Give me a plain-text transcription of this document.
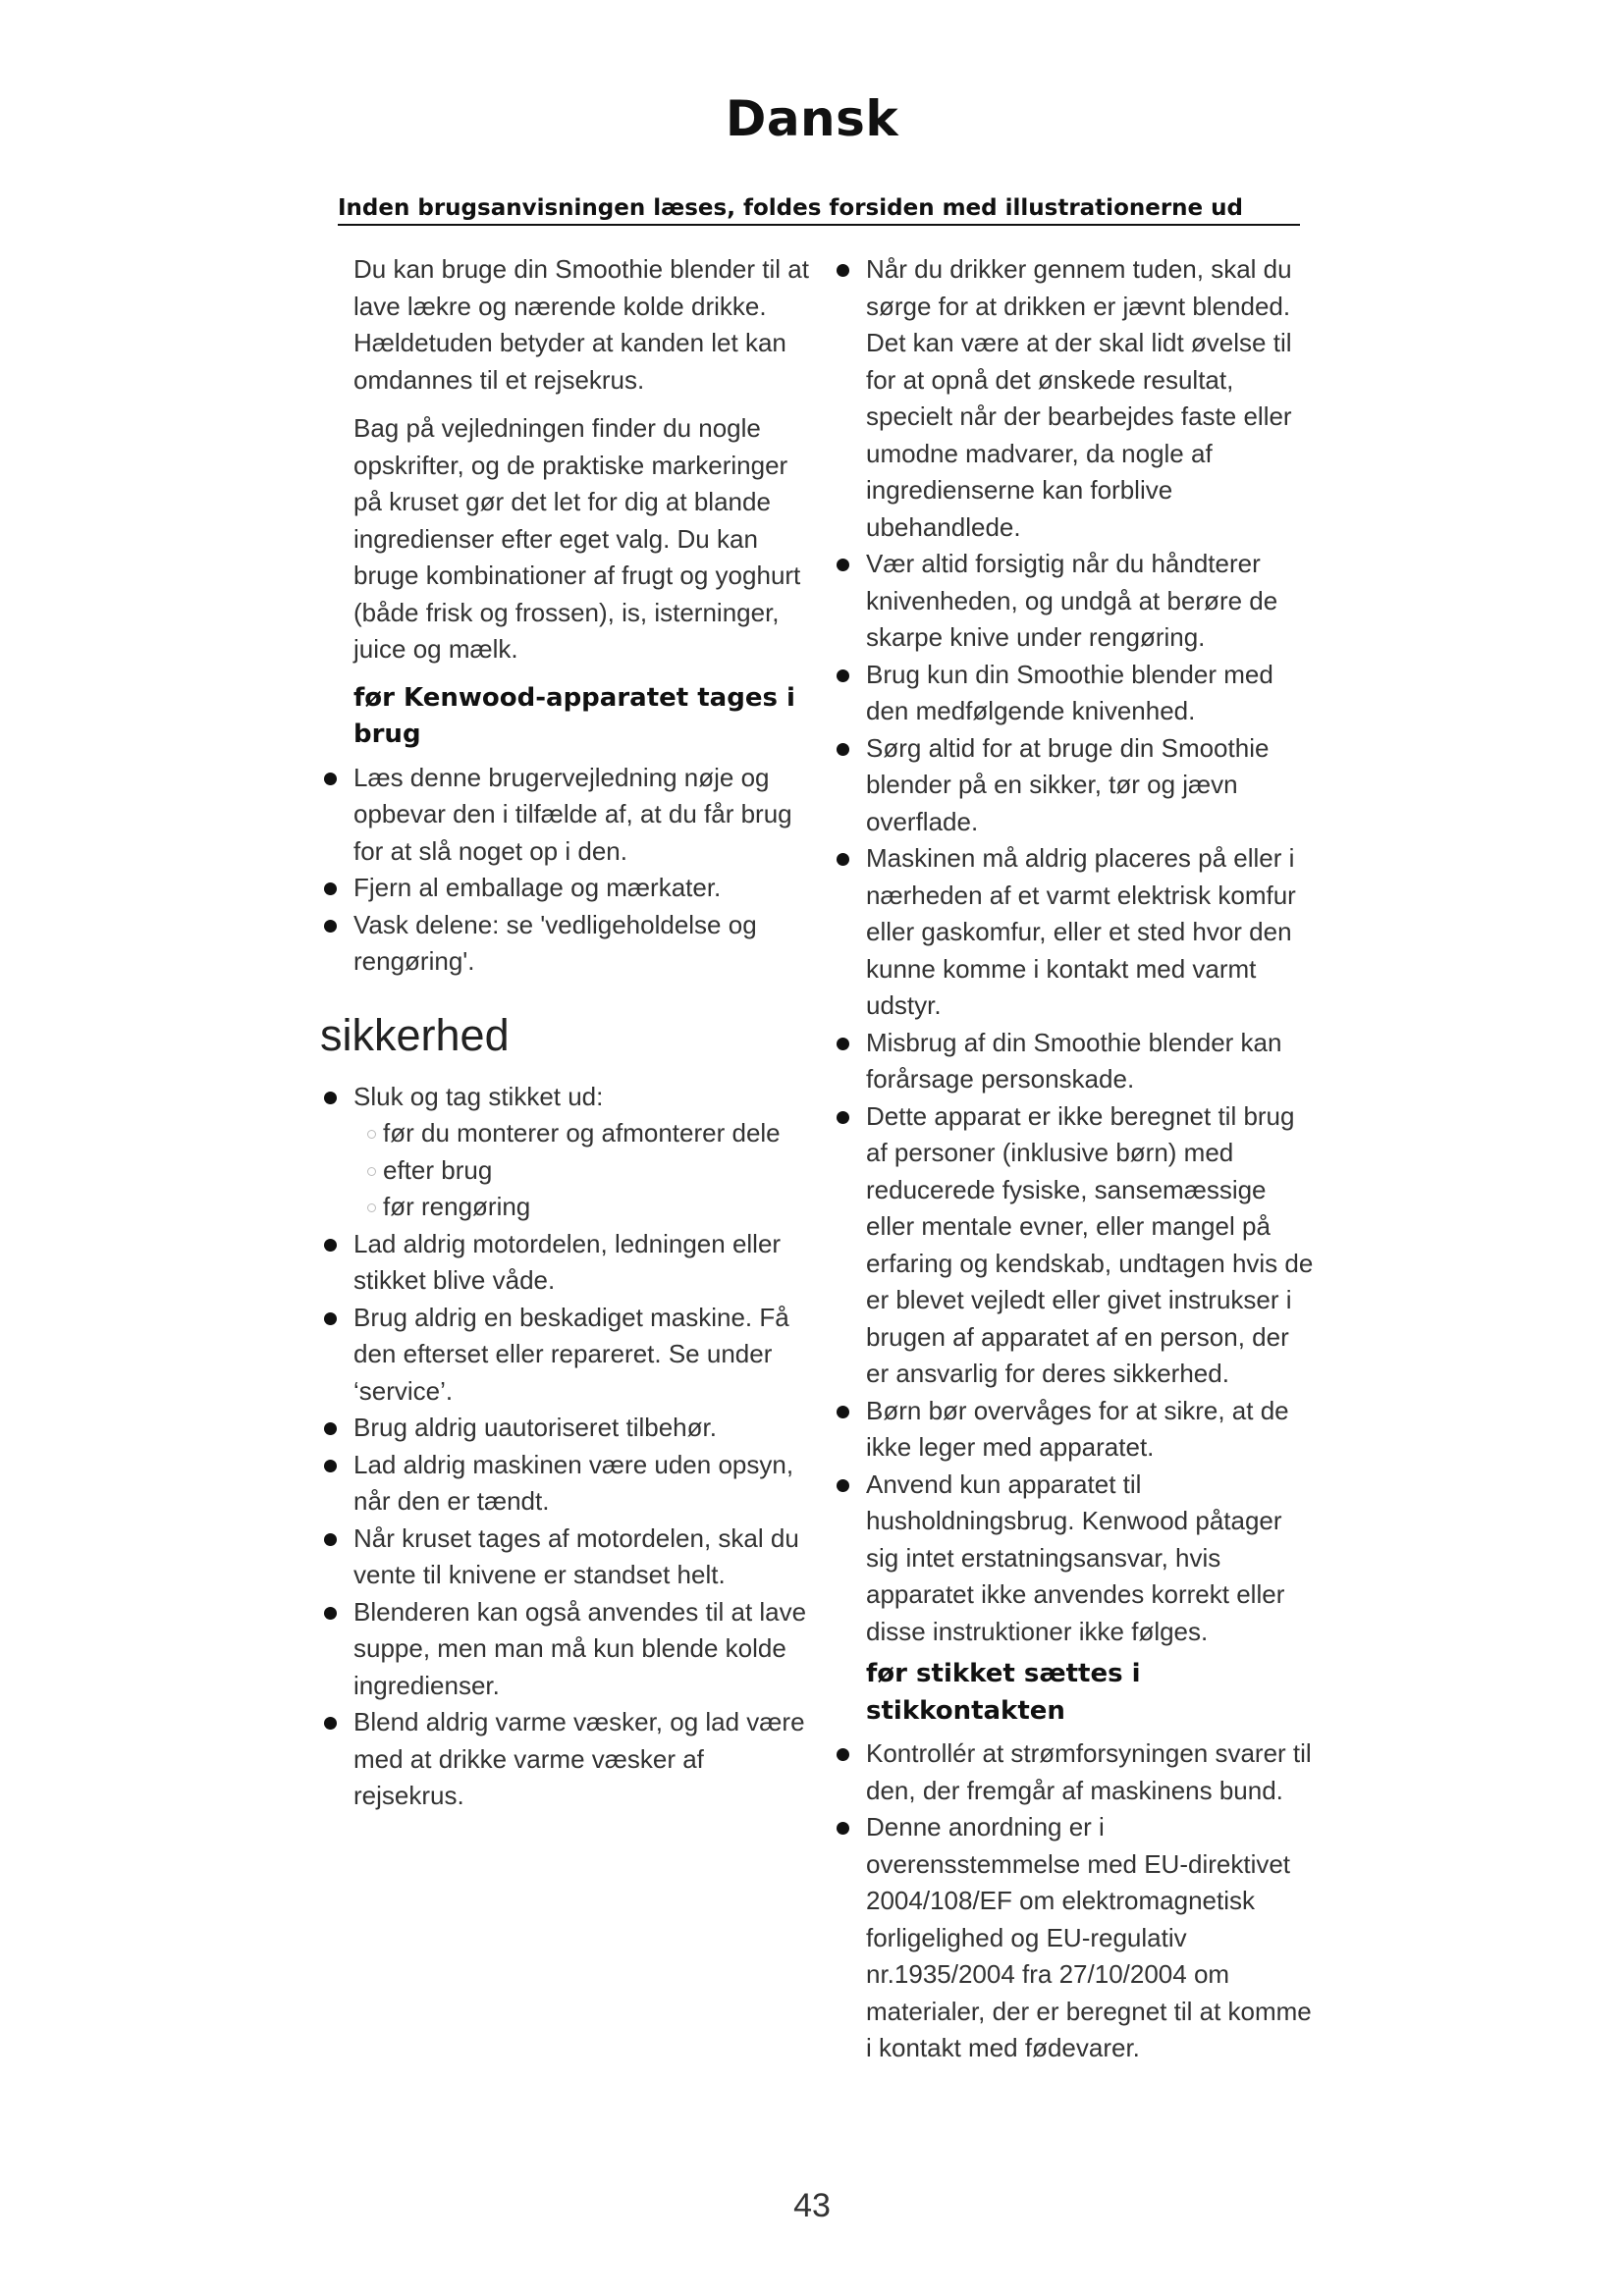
Dansk
Inden brugsanvisningen læses, foldes forsiden med illustrationerne ud

Du kan bruge din Smoothie blender til at lave lækre og nærende kolde drikke. Hældetuden betyder at kanden let kan omdannes til et rejsekrus.

Bag på vejledningen finder du nogle opskrifter, og de praktiske markeringer på kruset gør det let for dig at blande ingredienser efter eget valg. Du kan bruge kombinationer af frugt og yoghurt (både frisk og frossen), is, isterninger, juice og mælk.

før Kenwood-apparatet tages i brug
Læs denne brugervejledning nøje og opbevar den i tilfælde af, at du får brug for at slå noget op i den.
Fjern al emballage og mærkater.
Vask delene: se 'vedligeholdelse og rengøring'.
sikkerhed
Sluk og tag stikket ud:
før du monterer og afmonterer dele
efter brug
før rengøring
Lad aldrig motordelen, ledningen eller stikket blive våde.
Brug aldrig en beskadiget maskine. Få den efterset eller repareret. Se under ‘service’.
Brug aldrig uautoriseret tilbehør.
Lad aldrig maskinen være uden opsyn, når den er tændt.
Når kruset tages af motordelen, skal du vente til knivene er standset helt.
Blenderen kan også anvendes til at lave suppe, men man må kun blende kolde ingredienser.
Blend aldrig varme væsker, og lad være med at drikke varme væsker af rejsekrus.
Når du drikker gennem tuden, skal du sørge for at drikken er jævnt blended. Det kan være at der skal lidt øvelse til for at opnå det ønskede resultat, specielt når der bearbejdes faste eller umodne madvarer, da nogle af ingredienserne kan forblive ubehandlede.
Vær altid forsigtig når du håndterer knivenheden, og undgå at berøre de skarpe knive under rengøring.
Brug kun din Smoothie blender med den medfølgende knivenhed.
Sørg altid for at bruge din Smoothie blender på en sikker, tør og jævn overflade.
Maskinen må aldrig placeres på eller i nærheden af et varmt elektrisk komfur eller gaskomfur, eller et sted hvor den kunne komme i kontakt med varmt udstyr.
Misbrug af din Smoothie blender kan forårsage personskade.
Dette apparat er ikke beregnet til brug af personer (inklusive børn) med reducerede fysiske, sansemæssige eller mentale evner, eller mangel på erfaring og kendskab, undtagen hvis de er blevet vejledt eller givet instrukser i brugen af apparatet af en person, der er ansvarlig for deres sikkerhed.
Børn bør overvåges for at sikre, at de ikke leger med apparatet.
Anvend kun apparatet til husholdningsbrug. Kenwood påtager sig intet erstatningsansvar, hvis apparatet ikke anvendes korrekt eller disse instruktioner ikke følges.
før stikket sættes i stikkontakten
Kontrollér at strømforsyningen svarer til den, der fremgår af maskinens bund.
Denne anordning er i overensstemmelse med EU-direktivet 2004/108/EF om elektromagnetisk forligelighed og EU-regulativ nr.1935/2004 fra 27/10/2004 om materialer, der er beregnet til at komme i kontakt med fødevarer.
43
